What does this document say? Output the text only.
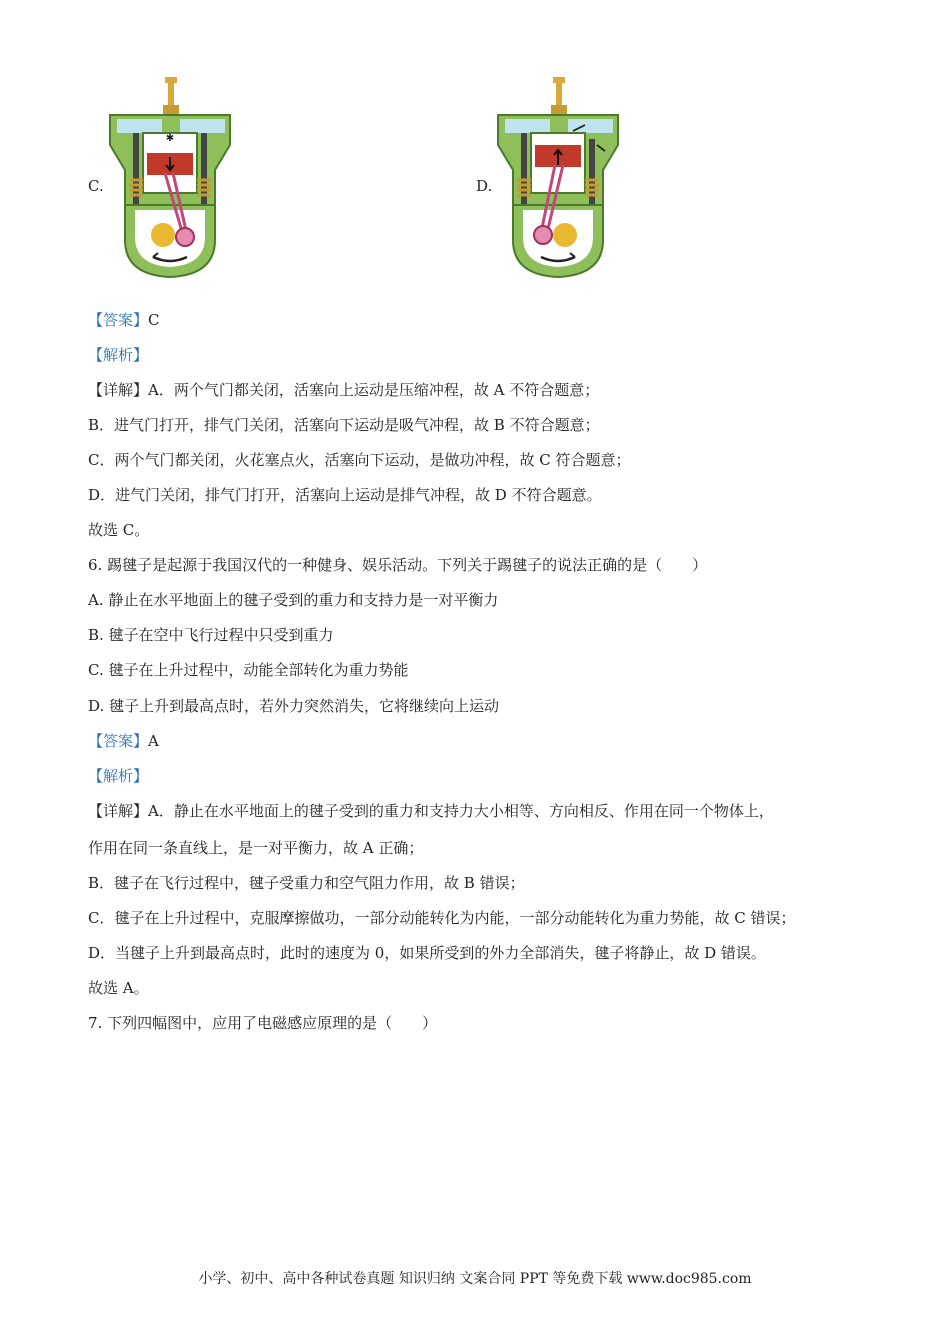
C.
✱
D.
【答案】C
【解析】
【详解】A．两个气门都关闭，活塞向上运动是压缩冲程，故 A 不符合题意；
B．进气门打开，排气门关闭，活塞向下运动是吸气冲程，故 B 不符合题意；
C．两个气门都关闭，火花塞点火，活塞向下运动，是做功冲程，故 C 符合题意；
D．进气门关闭，排气门打开，活塞向上运动是排气冲程，故 D 不符合题意。
故选 C。
6. 踢毽子是起源于我国汉代的一种健身、娱乐活动。下列关于踢毽子的说法正确的是（　　）
A. 静止在水平地面上的毽子受到的重力和支持力是一对平衡力
B. 毽子在空中飞行过程中只受到重力
C. 毽子在上升过程中，动能全部转化为重力势能
D. 毽子上升到最高点时，若外力突然消失，它将继续向上运动
【答案】A
【解析】
【详解】A．静止在水平地面上的毽子受到的重力和支持力大小相等、方向相反、作用在同一个物体上，
作用在同一条直线上，是一对平衡力，故 A 正确；
B．毽子在飞行过程中，毽子受重力和空气阻力作用，故 B 错误；
C．毽子在上升过程中，克服摩擦做功，一部分动能转化为内能，一部分动能转化为重力势能，故 C 错误；
D．当毽子上升到最高点时，此时的速度为 0，如果所受到的外力全部消失，毽子将静止，故 D 错误。
故选 A。
7. 下列四幅图中，应用了电磁感应原理的是（　　）
小学、初中、高中各种试卷真题 知识归纳 文案合同 PPT 等免费下载 www.doc985.com
